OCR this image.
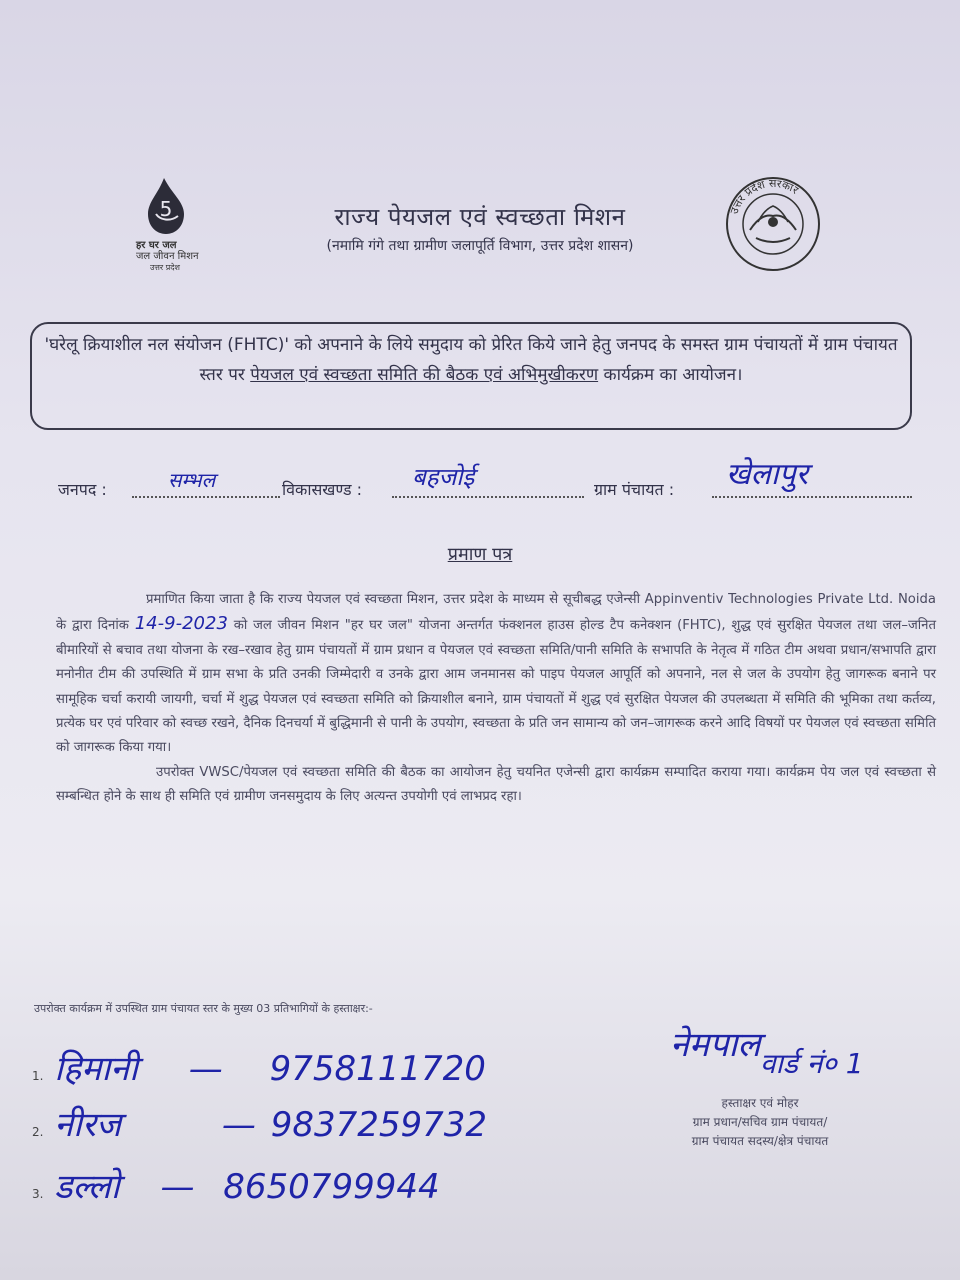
5
हर घर जल
जल जीवन मिशन
उत्तर प्रदेश
उत्तर प्रदेश सरकार
राज्य पेयजल एवं स्वच्छता मिशन
(नमामि गंगे तथा ग्रामीण जलापूर्ति विभाग, उत्तर प्रदेश शासन)
'घरेलू क्रियाशील नल संयोजन (FHTC)' को अपनाने के लिये समुदाय को प्रेरित किये जाने हेतु जनपद के समस्त ग्राम पंचायतों में ग्राम पंचायत स्तर पर पेयजल एवं स्वच्छता समिति की बैठक एवं अभिमुखीकरण कार्यक्रम का आयोजन।
जनपद :	सम्भल	विकासखण्ड : बहजोई	ग्राम पंचायत : खेलापुर
प्रमाण पत्र

प्रमाणित किया जाता है कि राज्य पेयजल एवं स्वच्छता मिशन, उत्तर प्रदेश के माध्यम से सूचीबद्ध एजेन्सी Appinventiv Technologies Private Ltd. Noida के द्वारा दिनांक 14-9-2023 को जल जीवन मिशन "हर घर जल" योजना अन्तर्गत फंक्शनल हाउस होल्ड टैप कनेक्शन (FHTC), शुद्ध एवं सुरक्षित पेयजल तथा जल–जनित बीमारियों से बचाव तथा योजना के रख–रखाव हेतु ग्राम पंचायतों में ग्राम प्रधान व पेयजल एवं स्वच्छता समिति/पानी समिति के सभापति के नेतृत्व में गठित टीम अथवा प्रधान/सभापति द्वारा मनोनीत टीम की उपस्थिति में ग्राम सभा के प्रति उनकी जिम्मेदारी व उनके द्वारा आम जनमानस को पाइप पेयजल आपूर्ति को अपनाने, नल से जल के उपयोग हेतु जागरूक बनाने पर सामूहिक चर्चा करायी जायगी, चर्चा में शुद्ध पेयजल एवं स्वच्छता समिति को क्रियाशील बनाने, ग्राम पंचायतों में शुद्ध एवं सुरक्षित पेयजल की उपलब्धता में समिति की भूमिका तथा कर्तव्य, प्रत्येक घर एवं परिवार को स्वच्छ रखने, दैनिक दिनचर्या में बुद्धिमानी से पानी के उपयोग, स्वच्छता के प्रति जन सामान्य को जन–जागरूक करने आदि विषयों पर पेयजल एवं स्वच्छता समिति को जागरूक किया गया।

उपरोक्त VWSC/पेयजल एवं स्वच्छता समिति की बैठक का आयोजन हेतु चयनित एजेन्सी द्वारा कार्यक्रम सम्पादित कराया गया। कार्यक्रम पेय जल एवं स्वच्छता से सम्बन्धित होने के साथ ही समिति एवं ग्रामीण जनसमुदाय के लिए अत्यन्त उपयोगी एवं लाभप्रद रहा।

उपरोक्त कार्यक्रम में उपस्थित ग्राम पंचायत स्तर के मुख्य 03 प्रतिभागियों के हस्ताक्षर:-
1. हिमानी — 9758111720
2. नीरज	— 9837259732
3. डल्लो — 8650799944
नेमपाल वार्ड नं० 1
हस्ताक्षर एवं मोहर
ग्राम प्रधान/सचिव ग्राम पंचायत/
ग्राम पंचायत सदस्य/क्षेत्र पंचायत
